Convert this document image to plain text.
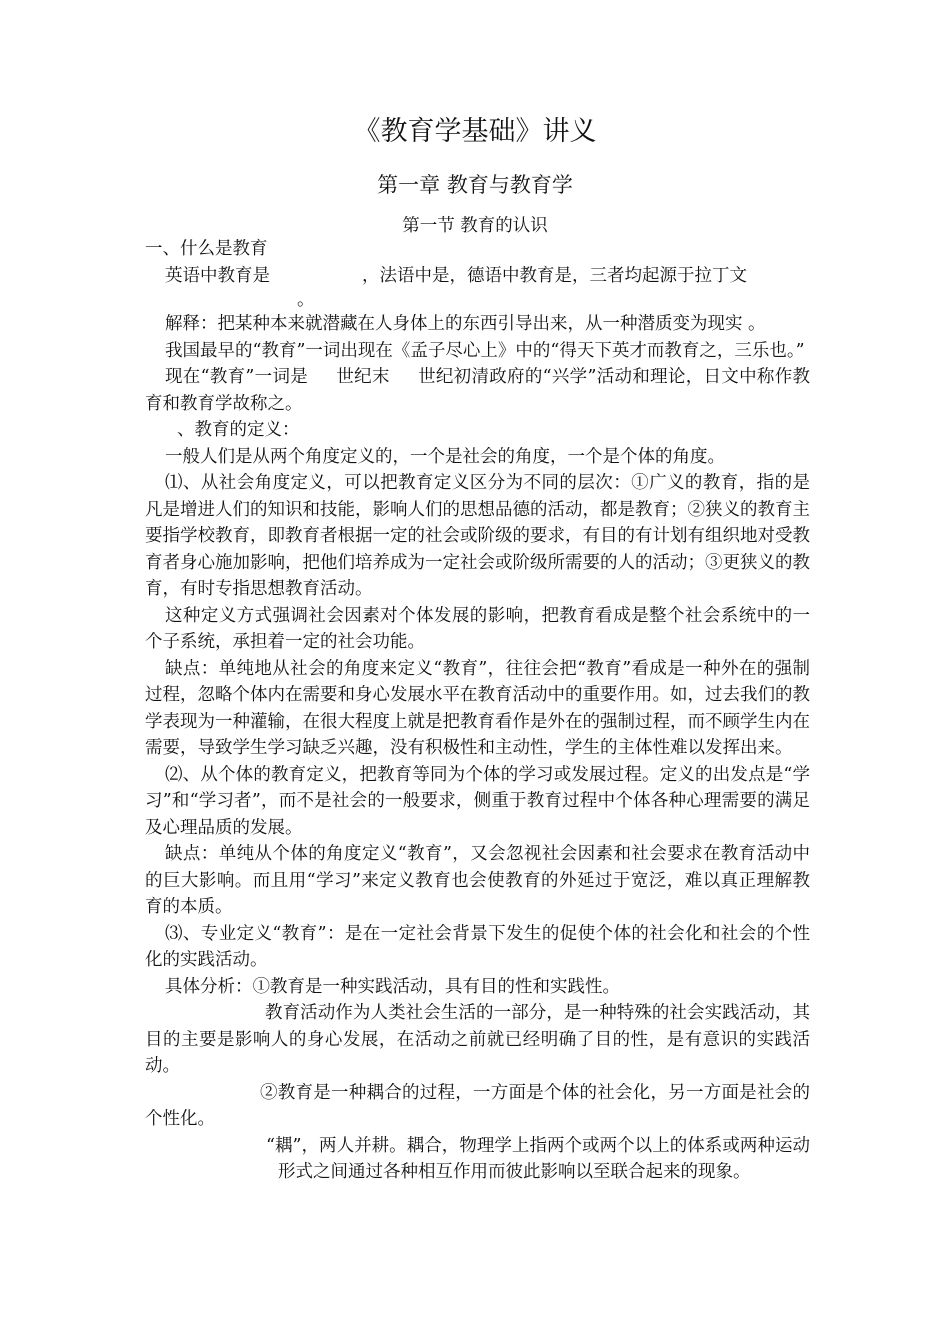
《教育学基础》讲义
第一章 教育与教育学
第一节 教育的认识

一、什么是教育

英语中教育是	，法语中是，德语中教育是，三者均起源于拉丁文

。

解释：把某种本来就潜藏在人身体上的东西引导出来，从一种潜质变为现实 。

我国最早的“教育”一词出现在《孟子尽心上》中的“得天下英才而教育之，三乐也。”

现在“教育”一词是 世纪末 世纪初清政府的“兴学”活动和理论，日文中称作教育和教育学故称之。

、教育的定义：

一般人们是从两个角度定义的，一个是社会的角度，一个是个体的角度。

⑴、从社会角度定义，可以把教育定义区分为不同的层次：①广义的教育，指的是凡是增进人们的知识和技能，影响人们的思想品德的活动，都是教育；②狭义的教育主要指学校教育，即教育者根据一定的社会或阶级的要求，有目的有计划有组织地对受教育者身心施加影响，把他们培养成为一定社会或阶级所需要的人的活动；③更狭义的教育，有时专指思想教育活动。

这种定义方式强调社会因素对个体发展的影响，把教育看成是整个社会系统中的一个子系统，承担着一定的社会功能。

缺点：单纯地从社会的角度来定义“教育”，往往会把“教育”看成是一种外在的强制过程，忽略个体内在需要和身心发展水平在教育活动中的重要作用。如，过去我们的教学表现为一种灌输，在很大程度上就是把教育看作是外在的强制过程，而不顾学生内在需要，导致学生学习缺乏兴趣，没有积极性和主动性，学生的主体性难以发挥出来。

⑵、从个体的教育定义，把教育等同为个体的学习或发展过程。定义的出发点是“学习”和“学习者”，而不是社会的一般要求，侧重于教育过程中个体各种心理需要的满足及心理品质的发展。

缺点：单纯从个体的角度定义“教育”，又会忽视社会因素和社会要求在教育活动中的巨大影响。而且用“学习”来定义教育也会使教育的外延过于宽泛，难以真正理解教育的本质。

⑶、专业定义“教育”：是在一定社会背景下发生的促使个体的社会化和社会的个性化的实践活动。

具体分析：①教育是一种实践活动，具有目的性和实践性。

教育活动作为人类社会生活的一部分，是一种特殊的社会实践活动，其目的主要是影响人的身心发展，在活动之前就已经明确了目的性，是有意识的实践活动。

②教育是一种耦合的过程，一方面是个体的社会化，另一方面是社会的个性化。

“耦”，两人并耕。耦合，物理学上指两个或两个以上的体系或两种运动形式之间通过各种相互作用而彼此影响以至联合起来的现象。
